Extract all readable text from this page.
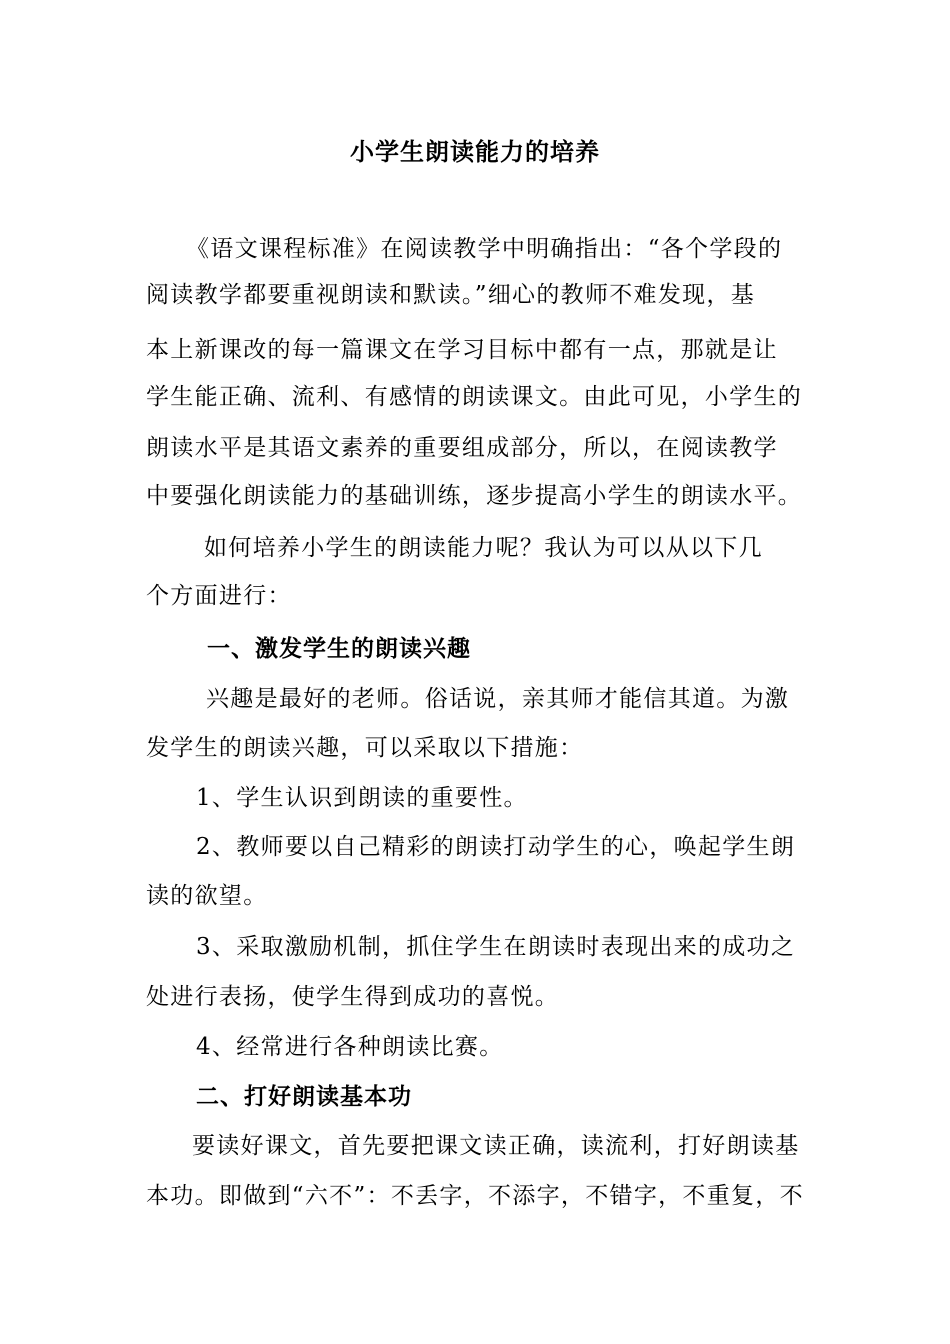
小学生朗读能力的培养
《语文课程标准》在阅读教学中明确指出：“各个学段的
阅读教学都要重视朗读和默读。”细心的教师不难发现，基
本上新课改的每一篇课文在学习目标中都有一点，那就是让
学生能正确、流利、有感情的朗读课文。由此可见，小学生的
朗读水平是其语文素养的重要组成部分，所以，在阅读教学
中要强化朗读能力的基础训练，逐步提高小学生的朗读水平。
如何培养小学生的朗读能力呢？我认为可以从以下几
个方面进行：
一、激发学生的朗读兴趣
兴趣是最好的老师。俗话说，亲其师才能信其道。为激
发学生的朗读兴趣，可以采取以下措施：
1、学生认识到朗读的重要性。
2、教师要以自己精彩的朗读打动学生的心，唤起学生朗
读的欲望。
3、采取激励机制，抓住学生在朗读时表现出来的成功之
处进行表扬，使学生得到成功的喜悦。
4、经常进行各种朗读比赛。
二、打好朗读基本功
要读好课文，首先要把课文读正确，读流利，打好朗读基
本功。即做到“六不”：不丢字，不添字，不错字，不重复，不
